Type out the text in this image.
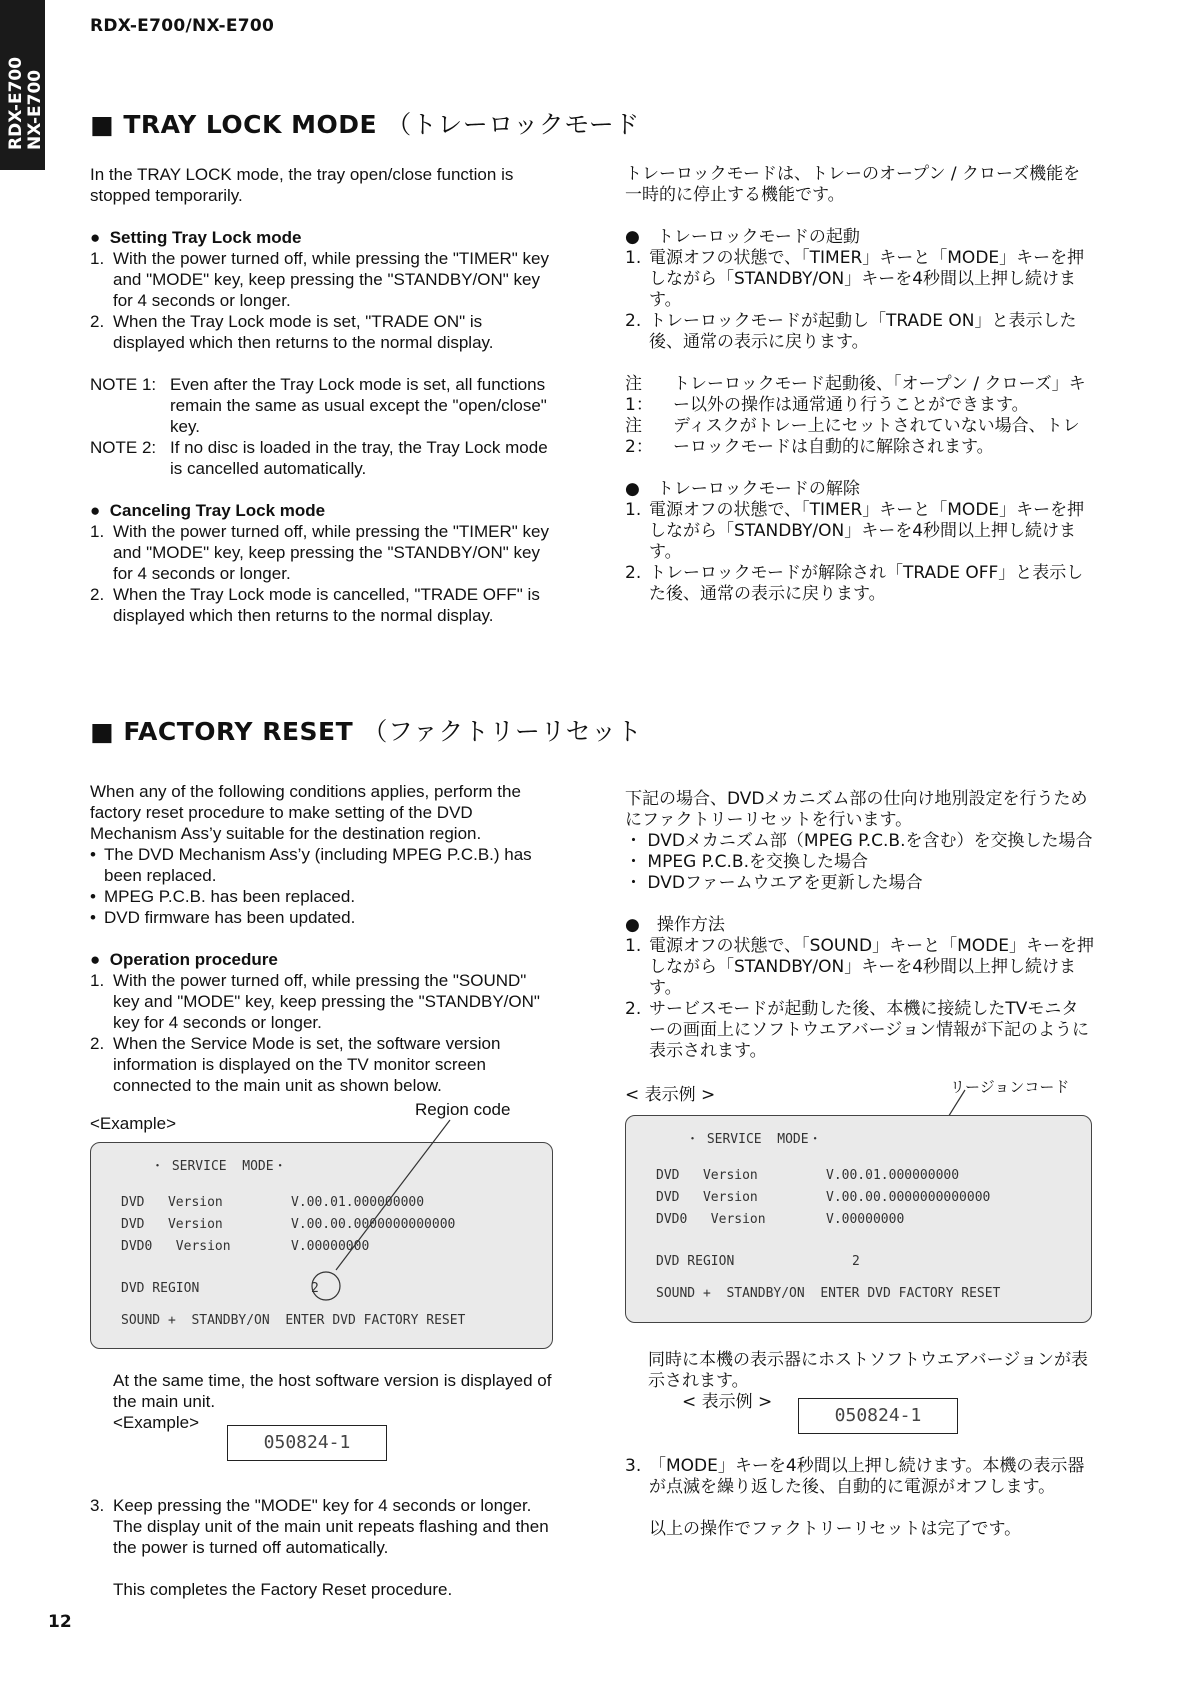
RDX-E700 NX-E700
RDX-E700/NX-E700
■ TRAY LOCK MODE （トレーロックモード

In the TRAY LOCK mode, the tray open/close function is stopped temporarily.

●  Setting Tray Lock mode

1. With the power turned off, while pressing the "TIMER" key and "MODE" key, keep pressing the "STANDBY/ON" key for 4 seconds or longer.
2. When the Tray Lock mode is set, "TRADE ON" is displayed which then returns to the normal display.
NOTE 1: Even after the Tray Lock mode is set, all functions remain the same as usual except the "open/close" key.
NOTE 2: If no disc is loaded in the tray, the Tray Lock mode is cancelled automatically.

●  Canceling Tray Lock mode

1. With the power turned off, while pressing the "TIMER" key and "MODE" key, keep pressing the "STANDBY/ON" key for 4 seconds or longer.
2. When the Tray Lock mode is cancelled, "TRADE OFF" is displayed which then returns to the normal display.

トレーロックモードは、トレーのオープン / クローズ機能を一時的に停止する機能です。

●　トレーロックモードの起動

1. 電源オフの状態で、「TIMER」キーと「MODE」キーを押しながら「STANDBY/ON」キーを4秒間以上押し続けます。
2. トレーロックモードが起動し「TRADE ON」と表示した後、通常の表示に戻ります。
注 1：
トレーロックモード起動後、「オープン / クローズ」キー以外の操作は通常通り行うことができます。
注 2：
ディスクがトレー上にセットされていない場合、トレーロックモードは自動的に解除されます。

●　トレーロックモードの解除

1. 電源オフの状態で、「TIMER」キーと「MODE」キーを押しながら「STANDBY/ON」キーを4秒間以上押し続けます。
2. トレーロックモードが解除され「TRADE OFF」と表示した後、通常の表示に戻ります。
■ FACTORY RESET （ファクトリーリセット

When any of the following conditions applies, perform the factory reset procedure to make setting of the DVD Mechanism Ass’y suitable for the destination region.

• The DVD Mechanism Ass’y (including MPEG P.C.B.) has been replaced.
• MPEG P.C.B. has been replaced.
• DVD firmware has been updated.

●  Operation procedure

1. With the power turned off, while pressing the "SOUND" key and "MODE" key, keep pressing the "STANDBY/ON" key for 4 seconds or longer.
2. When the Service Mode is set, the software version information is displayed on the TV monitor screen connected to the main unit as shown below.
Region code
<Example>
・ SERVICE  MODE・
DVD   Version	V.00.01.000000000
DVD   Version	V.00.00.0000000000000
DVD0   Version	V.00000000
DVD REGION	2
SOUND +  STANDBY/ON  ENTER DVD FACTORY RESET

At the same time, the host software version is displayed of the main unit.

<Example>

050824-1
3. Keep pressing the "MODE" key for 4 seconds or longer. The display unit of the main unit repeats flashing and then the power is turned off automatically.

This completes the Factory Reset procedure.

下記の場合、DVDメカニズム部の仕向け地別設定を行うためにファクトリーリセットを行います。

・ DVDメカニズム部（MPEG P.C.B.を含む）を交換した場合

・ MPEG P.C.B.を交換した場合

・ DVDファームウエアを更新した場合

●　操作方法

1. 電源オフの状態で、「SOUND」キーと「MODE」キーを押しながら「STANDBY/ON」キーを4秒間以上押し続けます。
2. サービスモードが起動した後、本機に接続したTVモニターの画面上にソフトウエアバージョン情報が下記のように表示されます。
< 表示例 >	リージョンコード
・ SERVICE  MODE・
DVD   Version	V.00.01.000000000
DVD   Version	V.00.00.0000000000000
DVD0   Version	V.00000000
DVD REGION	2
SOUND +  STANDBY/ON  ENTER DVD FACTORY RESET

同時に本機の表示器にホストソフトウエアバージョンが表示されます。

< 表示例 >

050824-1
3. 「MODE」キーを4秒間以上押し続けます。本機の表示器が点滅を繰り返した後、自動的に電源がオフします。

以上の操作でファクトリーリセットは完了です。

12
